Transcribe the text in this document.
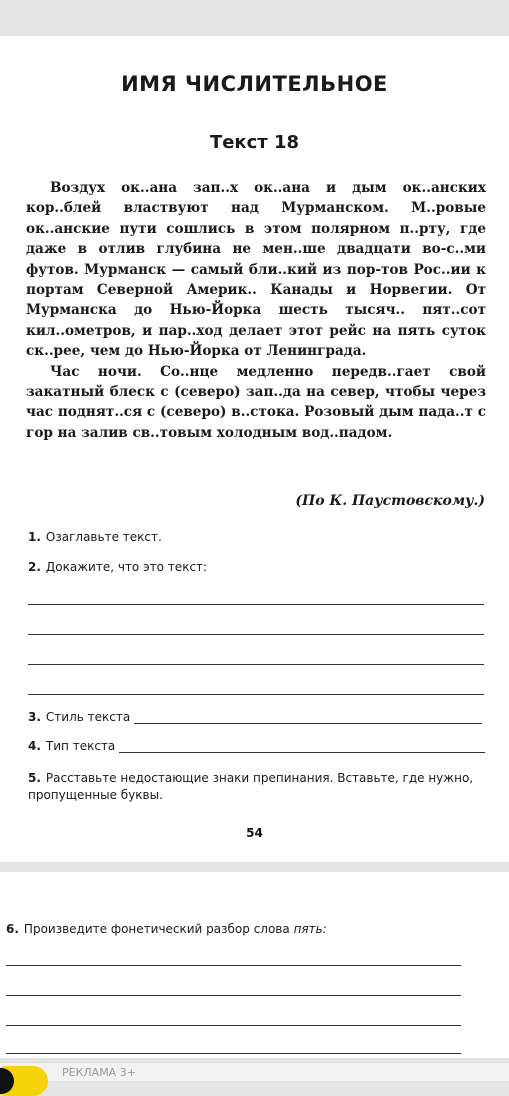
ИМЯ ЧИСЛИТЕЛЬНОЕ
Текст 18

Воздух ок..ана зап..х ок..ана и дым ок..анских кор..блей властвуют над Мурманском. М..ровые ок..анские пути сошлись в этом полярном п..рту, где даже в отлив глубина не мен..ше двадцати во-с..ми футов. Мурманск — самый бли..кий из пор-тов Рос..ии к портам Северной Америк.. Канады и Норвегии. От Мурманска до Нью-Йорка шесть тысяч.. пят..сот кил..ометров, и пар..ход делает этот рейс на пять суток ск..рее, чем до Нью-Йорка от Ленинграда.

Час ночи. Со..нце медленно передв..гает свой закатный блеск с (северо) зап..да на север, чтобы через час поднят..ся с (северо) в..стока. Розовый дым пада..т с гор на залив св..товым холодным вод..падом.

(По К. Паустовскому.)
1. Озаглавьте текст.
2. Докажите, что это текст:
3. Стиль текста
4. Тип текста
5. Расставьте недостающие знаки препинания. Вставьте, где нужно, пропущенные буквы.
54
6. Произведите фонетический разбор слова пять:
РЕКЛАМА 3+
